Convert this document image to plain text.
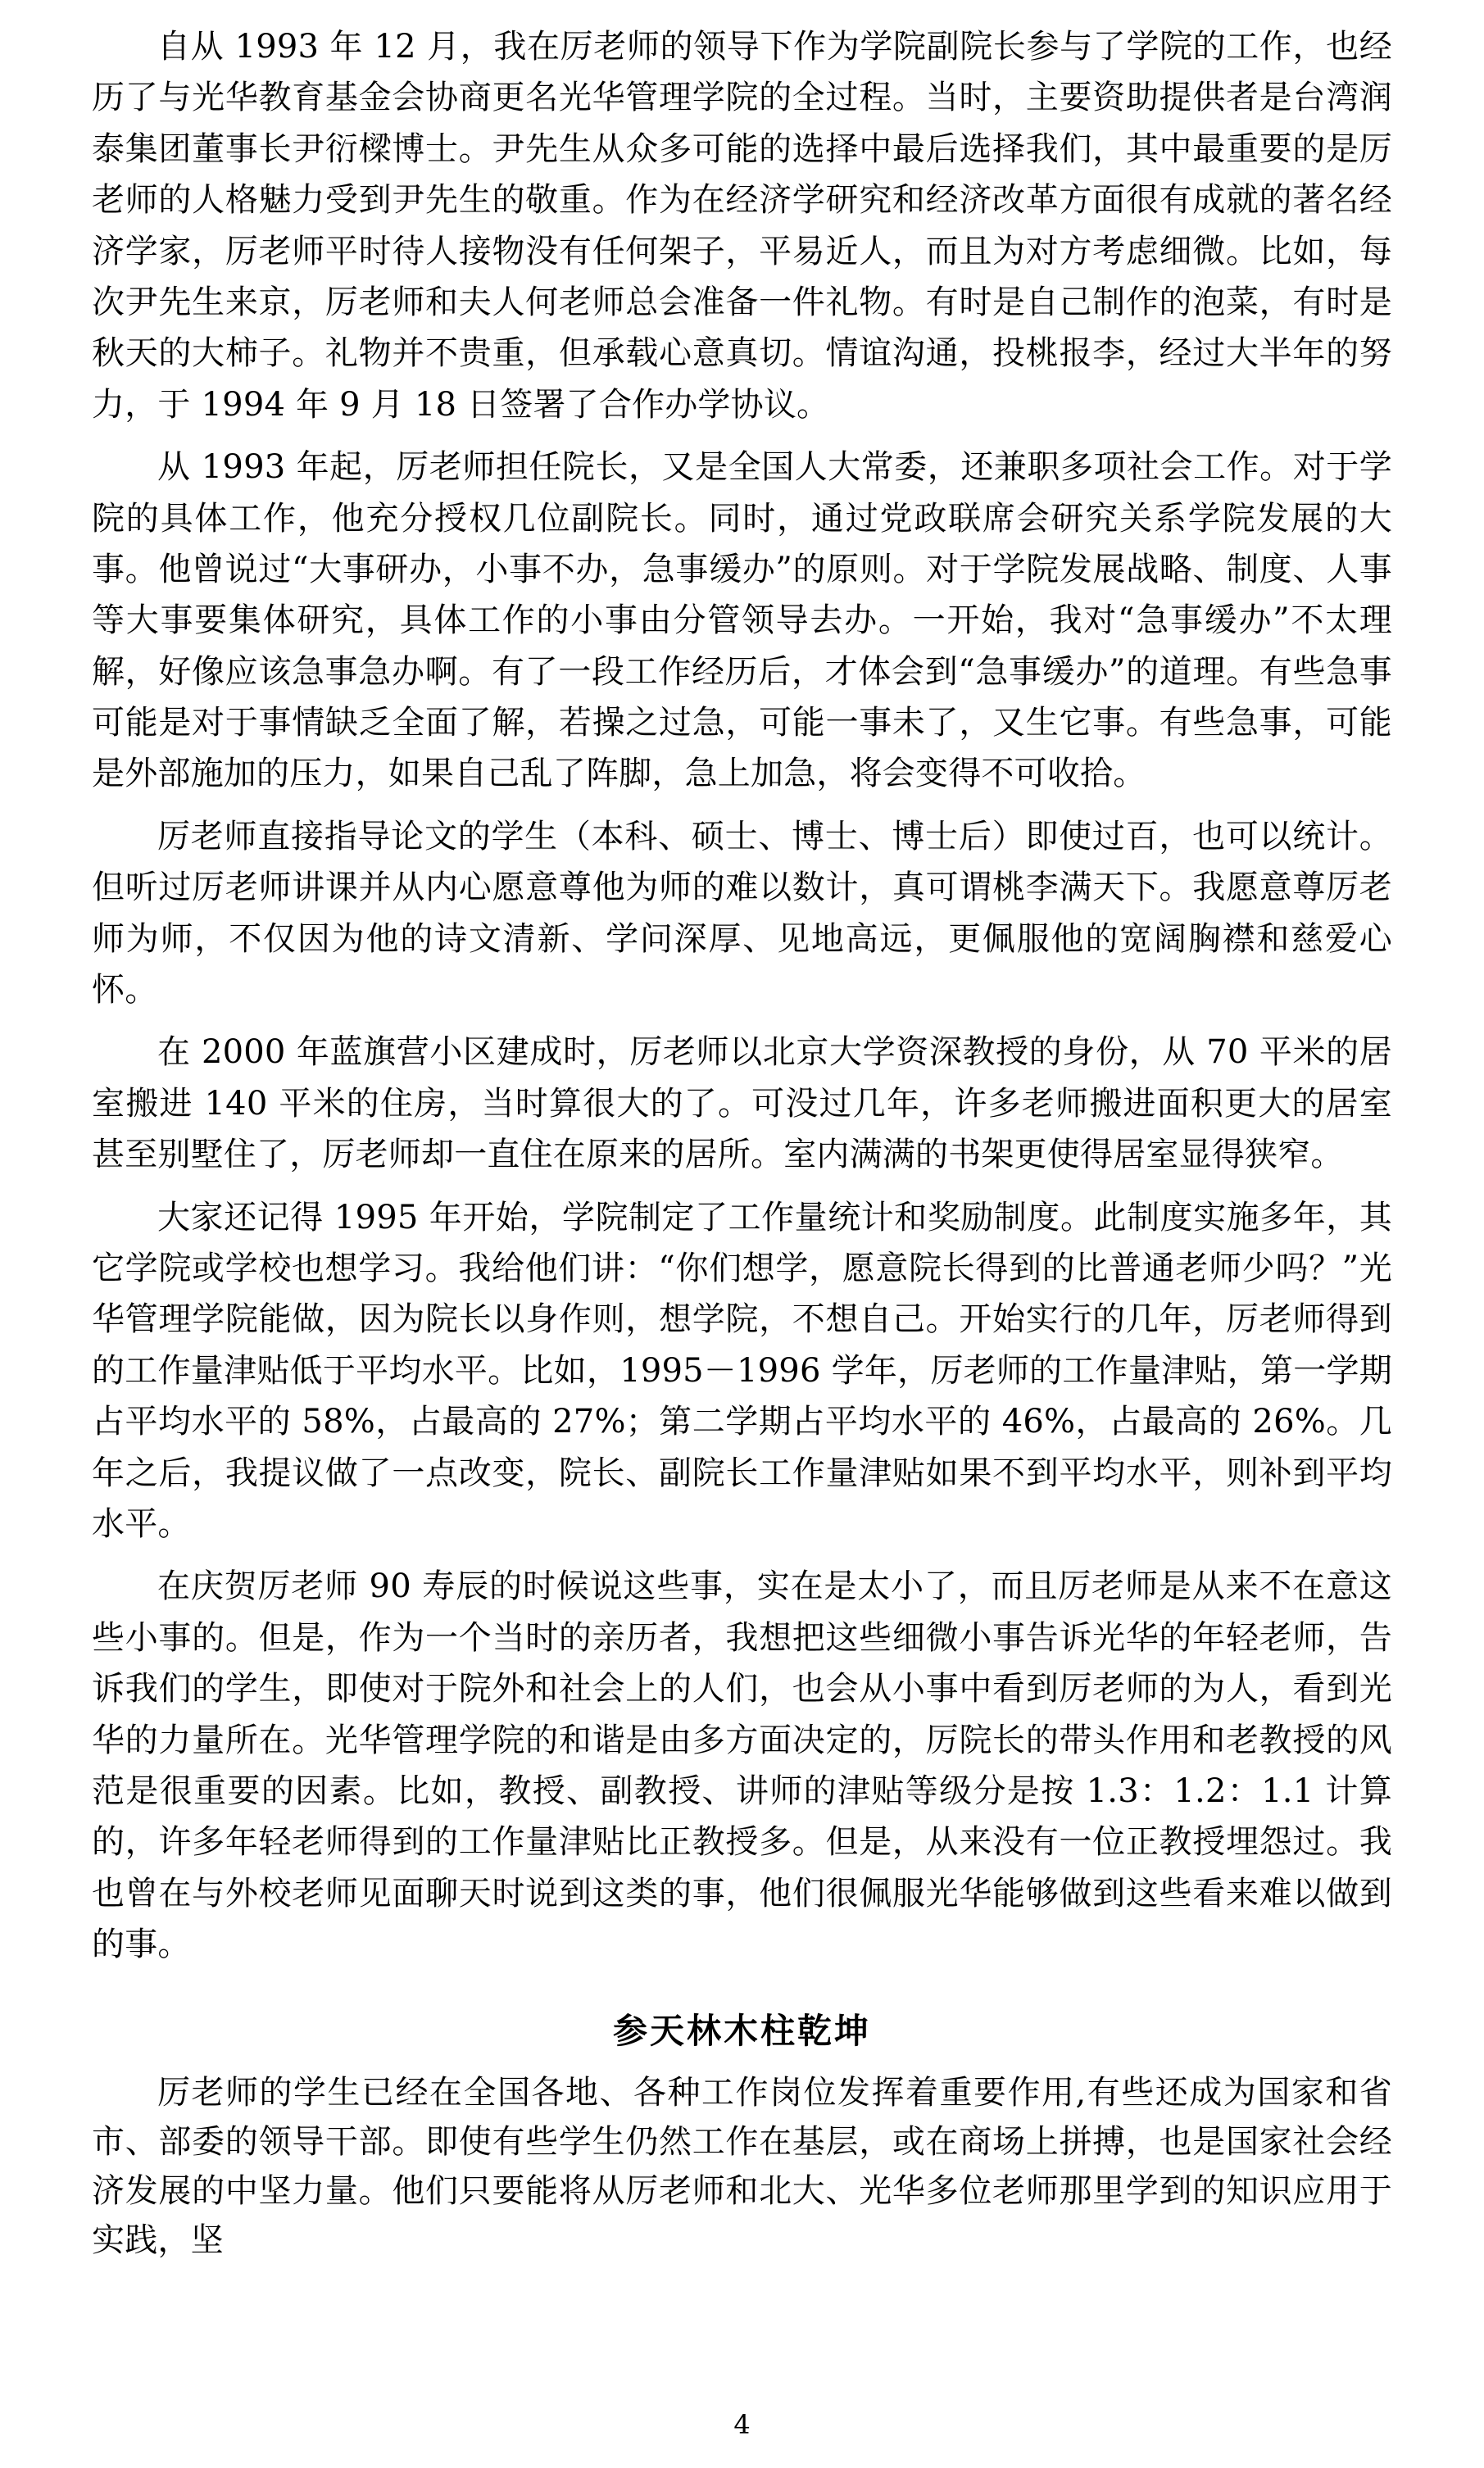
自从 1993 年 12 月，我在厉老师的领导下作为学院副院长参与了学院的工作，也经历了与光华教育基金会协商更名光华管理学院的全过程。当时，主要资助提供者是台湾润泰集团董事长尹衍樑博士。尹先生从众多可能的选择中最后选择我们，其中最重要的是厉老师的人格魅力受到尹先生的敬重。作为在经济学研究和经济改革方面很有成就的著名经济学家，厉老师平时待人接物没有任何架子，平易近人，而且为对方考虑细微。比如，每次尹先生来京，厉老师和夫人何老师总会准备一件礼物。有时是自己制作的泡菜，有时是秋天的大柿子。礼物并不贵重，但承载心意真切。情谊沟通，投桃报李，经过大半年的努力，于 1994 年 9 月 18 日签署了合作办学协议。

从 1993 年起，厉老师担任院长，又是全国人大常委，还兼职多项社会工作。对于学院的具体工作，他充分授权几位副院长。同时，通过党政联席会研究关系学院发展的大事。他曾说过“大事研办，小事不办，急事缓办”的原则。对于学院发展战略、制度、人事等大事要集体研究，具体工作的小事由分管领导去办。一开始，我对“急事缓办”不太理解，好像应该急事急办啊。有了一段工作经历后，才体会到“急事缓办”的道理。有些急事可能是对于事情缺乏全面了解，若操之过急，可能一事未了，又生它事。有些急事，可能是外部施加的压力，如果自己乱了阵脚，急上加急，将会变得不可收拾。

厉老师直接指导论文的学生（本科、硕士、博士、博士后）即使过百，也可以统计。但听过厉老师讲课并从内心愿意尊他为师的难以数计，真可谓桃李满天下。我愿意尊厉老师为师，不仅因为他的诗文清新、学问深厚、见地高远，更佩服他的宽阔胸襟和慈爱心怀。

在 2000 年蓝旗营小区建成时，厉老师以北京大学资深教授的身份，从 70 平米的居室搬进 140 平米的住房，当时算很大的了。可没过几年，许多老师搬进面积更大的居室甚至别墅住了，厉老师却一直住在原来的居所。室内满满的书架更使得居室显得狭窄。

大家还记得 1995 年开始，学院制定了工作量统计和奖励制度。此制度实施多年，其它学院或学校也想学习。我给他们讲：“你们想学，愿意院长得到的比普通老师少吗？”光华管理学院能做，因为院长以身作则，想学院，不想自己。开始实行的几年，厉老师得到的工作量津贴低于平均水平。比如，1995－1996 学年，厉老师的工作量津贴，第一学期占平均水平的 58%，占最高的 27%；第二学期占平均水平的 46%，占最高的 26%。几年之后，我提议做了一点改变，院长、副院长工作量津贴如果不到平均水平，则补到平均水平。

在庆贺厉老师 90 寿辰的时候说这些事，实在是太小了，而且厉老师是从来不在意这些小事的。但是，作为一个当时的亲历者，我想把这些细微小事告诉光华的年轻老师，告诉我们的学生，即使对于院外和社会上的人们，也会从小事中看到厉老师的为人，看到光华的力量所在。光华管理学院的和谐是由多方面决定的，厉院长的带头作用和老教授的风范是很重要的因素。比如，教授、副教授、讲师的津贴等级分是按 1.3：1.2：1.1 计算的，许多年轻老师得到的工作量津贴比正教授多。但是，从来没有一位正教授埋怨过。我也曾在与外校老师见面聊天时说到这类的事，他们很佩服光华能够做到这些看来难以做到的事。

参天林木柱乾坤

厉老师的学生已经在全国各地、各种工作岗位发挥着重要作用,有些还成为国家和省市、部委的领导干部。即使有些学生仍然工作在基层，或在商场上拼搏，也是国家社会经济发展的中坚力量。他们只要能将从厉老师和北大、光华多位老师那里学到的知识应用于实践，坚

4
